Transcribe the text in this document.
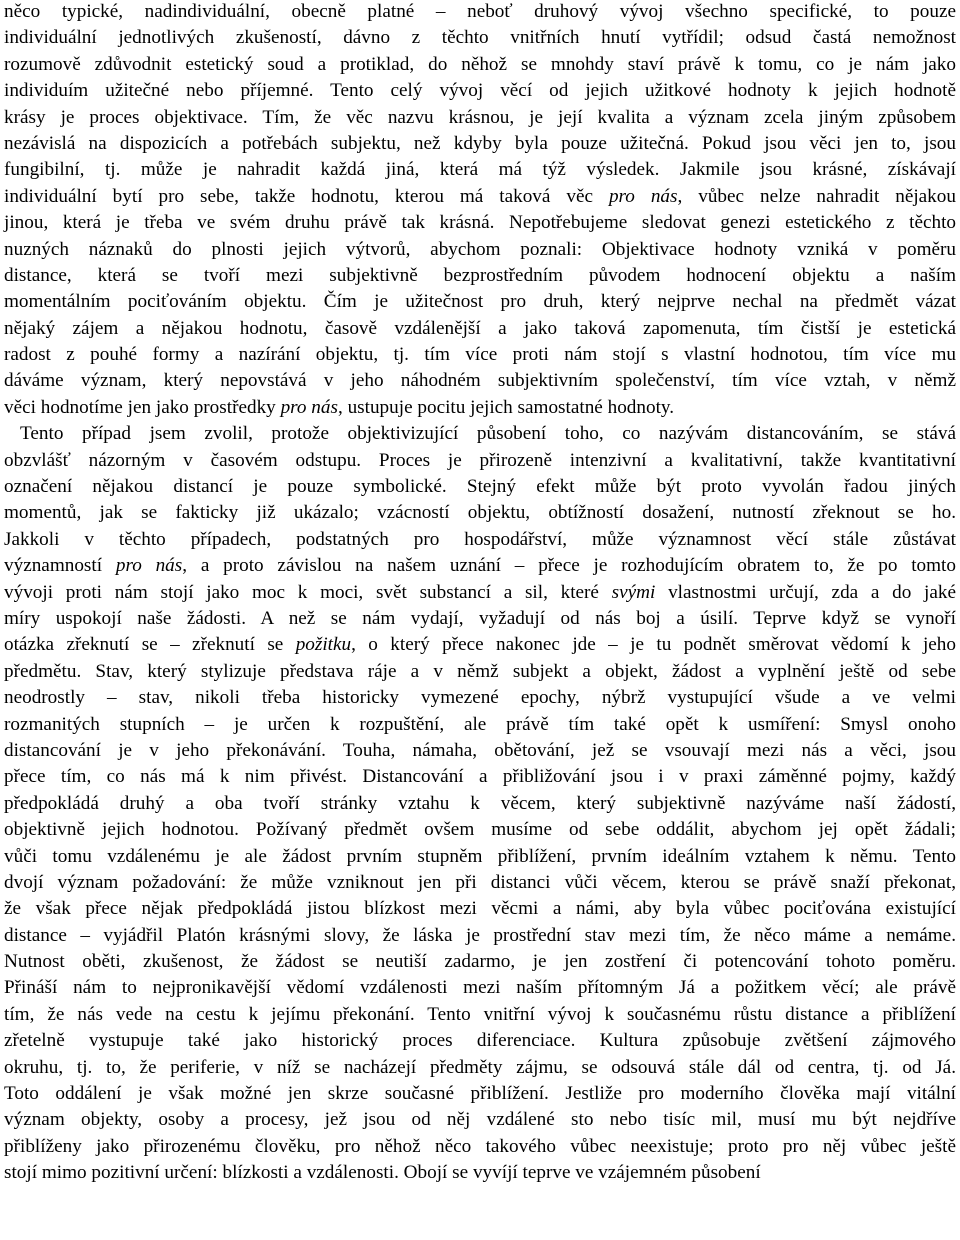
něco typické, nadindividuální, obecně platné – neboť druhový vývoj všechno specifické, to pouze
individuální jednotlivých zkušeností, dávno z těchto vnitřních hnutí vytřídil; odsud častá nemožnost
rozumově zdůvodnit estetický soud a protiklad, do něhož se mnohdy staví právě k tomu, co je nám jako
individuím užitečné nebo příjemné. Tento celý vývoj věcí od jejich užitkové hodnoty k jejich hodnotě
krásy je proces objektivace. Tím, že věc nazvu krásnou, je její kvalita a význam zcela jiným způsobem
nezávislá na dispozicích a potřebách subjektu, než kdyby byla pouze užitečná. Pokud jsou věci jen to, jsou
fungibilní, tj. může je nahradit každá jiná, která má týž výsledek. Jakmile jsou krásné, získávají
individuální bytí pro sebe, takže hodnotu, kterou má taková věc pro nás, vůbec nelze nahradit nějakou
jinou, která je třeba ve svém druhu právě tak krásná. Nepotřebujeme sledovat genezi estetického z těchto
nuzných náznaků do plnosti jejich výtvorů, abychom poznali: Objektivace hodnoty vzniká v poměru
distance, která se tvoří mezi subjektivně bezprostředním původem hodnocení objektu a naším
momentálním pociťováním objektu. Čím je užitečnost pro druh, který nejprve nechal na předmět vázat
nějaký zájem a nějakou hodnotu, časově vzdálenější a jako taková zapomenuta, tím čistší je estetická
radost z pouhé formy a nazírání objektu, tj. tím více proti nám stojí s vlastní hodnotou, tím více mu
dáváme význam, který nepovstává v jeho náhodném subjektivním společenství, tím více vztah, v němž
věci hodnotíme jen jako prostředky pro nás, ustupuje pocitu jejich samostatné hodnoty.
Tento případ jsem zvolil, protože objektivizující působení toho, co nazývám distancováním, se stává
obzvlášť názorným v časovém odstupu. Proces je přirozeně intenzivní a kvalitativní, takže kvantitativní
označení nějakou distancí je pouze symbolické. Stejný efekt může být proto vyvolán řadou jiných
momentů, jak se fakticky již ukázalo; vzácností objektu, obtížností dosažení, nutností zřeknout se ho.
Jakkoli v těchto případech, podstatných pro hospodářství, může významnost věcí stále zůstávat
významností pro nás, a proto závislou na našem uznání – přece je rozhodujícím obratem to, že po tomto
vývoji proti nám stojí jako moc k moci, svět substancí a sil, které svými vlastnostmi určují, zda a do jaké
míry uspokojí naše žádosti. A než se nám vydají, vyžadují od nás boj a úsilí. Teprve když se vynoří
otázka zřeknutí se – zřeknutí se požitku, o který přece nakonec jde – je tu podnět směrovat vědomí k jeho
předmětu. Stav, který stylizuje představa ráje a v němž subjekt a objekt, žádost a vyplnění ještě od sebe
neodrostly – stav, nikoli třeba historicky vymezené epochy, nýbrž vystupující všude a ve velmi
rozmanitých stupních – je určen k rozpuštění, ale právě tím také opět k usmíření: Smysl onoho
distancování je v jeho překonávání. Touha, námaha, obětování, jež se vsouvají mezi nás a věci, jsou
přece tím, co nás má k nim přivést. Distancování a přibližování jsou i v praxi záměnné pojmy, každý
předpokládá druhý a oba tvoří stránky vztahu k věcem, který subjektivně nazýváme naší žádostí,
objektivně jejich hodnotou. Požívaný předmět ovšem musíme od sebe oddálit, abychom jej opět žádali;
vůči tomu vzdálenému je ale žádost prvním stupněm přiblížení, prvním ideálním vztahem k němu. Tento
dvojí význam požadování: že může vzniknout jen při distanci vůči věcem, kterou se právě snaží překonat,
že však přece nějak předpokládá jistou blízkost mezi věcmi a námi, aby byla vůbec pociťována existující
distance – vyjádřil Platón krásnými slovy, že láska je prostřední stav mezi tím, že něco máme a nemáme.
Nutnost oběti, zkušenost, že žádost se neutiší zadarmo, je jen zostření či potencování tohoto poměru.
Přináší nám to nejpronikavější vědomí vzdálenosti mezi naším přítomným Já a požitkem věcí; ale právě
tím, že nás vede na cestu k jejímu překonání. Tento vnitřní vývoj k současnému růstu distance a přiblížení
zřetelně vystupuje také jako historický proces diferenciace. Kultura způsobuje zvětšení zájmového
okruhu, tj. to, že periferie, v níž se nacházejí předměty zájmu, se odsouvá stále dál od centra, tj. od Já.
Toto oddálení je však možné jen skrze současné přiblížení. Jestliže pro moderního člověka mají vitální
význam objekty, osoby a procesy, jež jsou od něj vzdálené sto nebo tisíc mil, musí mu být nejdříve
přiblíženy jako přirozenému člověku, pro něhož něco takového vůbec neexistuje; proto pro něj vůbec ještě
stojí mimo pozitivní určení: blízkosti a vzdálenosti. Obojí se vyvíjí teprve ve vzájemném působení
